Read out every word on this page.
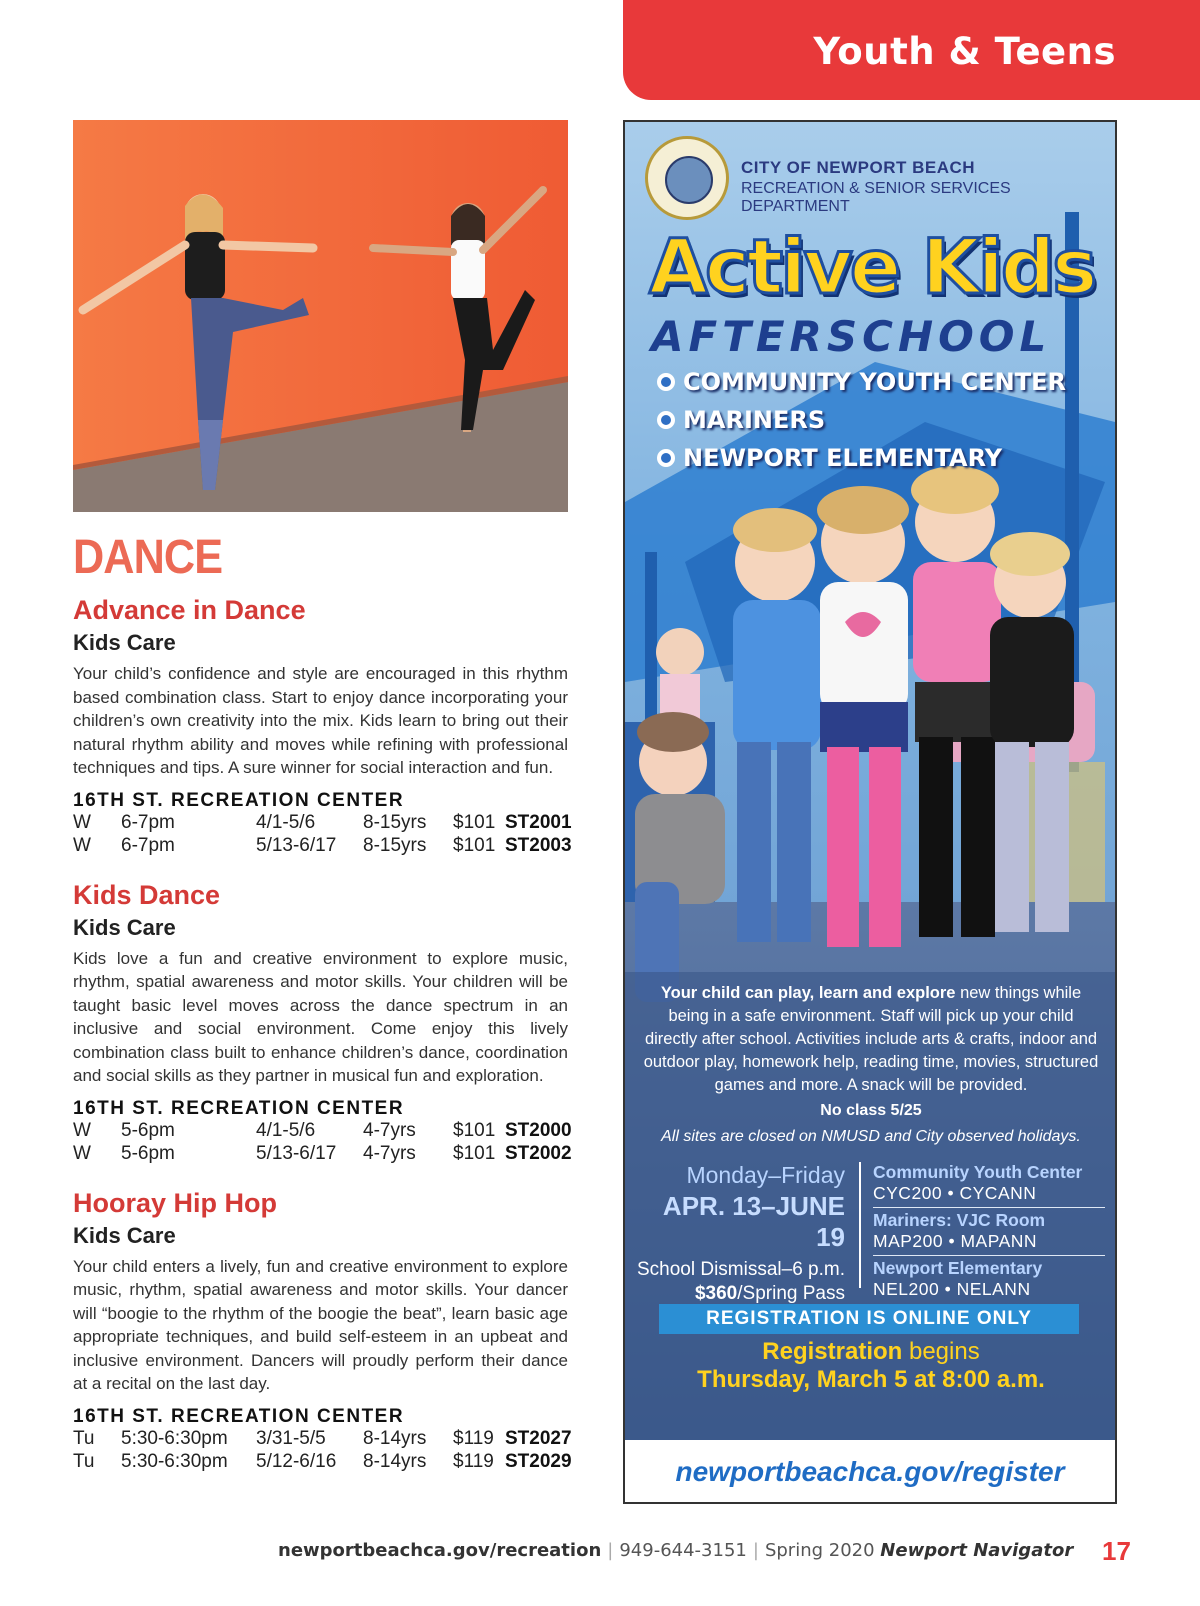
Youth & Teens
DANCE
Advance in Dance
Kids Care
Your child’s confidence and style are encouraged in this rhythm based combination class. Start to enjoy dance incorporating your children’s own creativity into the mix. Kids learn to bring out their natural rhythm ability and moves while refining with professional techniques and tips. A sure winner for social interaction and fun.
16TH ST. RECREATION CENTER
W 6-7pm	4/1-5/6	8-15yrs $101 ST2001
W 6-7pm	5/13-6/17 8-15yrs $101 ST2003
Kids Dance
Kids Care
Kids love a fun and creative environment to explore music, rhythm, spatial awareness and motor skills. Your children will be taught basic level moves across the dance spectrum in an inclusive and social environment. Come enjoy this lively combination class built to enhance children’s dance, coordination and social skills as they partner in musical fun and exploration.
16TH ST. RECREATION CENTER
W 5-6pm	4/1-5/6	4-7yrs $101 ST2000
W 5-6pm	5/13-6/17 4-7yrs $101 ST2002
Hooray Hip Hop
Kids Care
Your child enters a lively, fun and creative environment to explore music, rhythm, spatial awareness and motor skills. Your dancer will “boogie to the rhythm of the boogie the beat”, learn basic age appropriate techniques, and build self-esteem in an upbeat and inclusive environment. Dancers will proudly perform their dance at a recital on the last day.
16TH ST. RECREATION CENTER
Tu 5:30-6:30pm 3/31-5/5 8-14yrs $119 ST2027
Tu 5:30-6:30pm 5/12-6/16 8-14yrs $119 ST2029
CITY OF NEWPORT BEACH
RECREATION & SENIOR SERVICES DEPARTMENT
Active Kids
AFTERSCHOOL
COMMUNITY YOUTH CENTER
MARINERS
NEWPORT ELEMENTARY
Your child can play, learn and explore new things while being in a safe environment. Staff will pick up your child directly after school. Activities include arts & crafts, indoor and outdoor play, homework help, reading time, movies, structured games and more. A snack will be provided.
No class 5/25
All sites are closed on NMUSD and City observed holidays.
Monday–Friday
APR. 13–JUNE 19
School Dismissal–6 p.m.
$360/Spring Pass
Community Youth Center
CYC200 • CYCANN
Mariners: VJC Room
MAP200 • MAPANN
Newport Elementary
NEL200 • NELANN
REGISTRATION IS ONLINE ONLY
Registration begins
Thursday, March 5 at 8:00 a.m.
newportbeachca.gov/register
newportbeachca.gov/recreation | 949-644-3151 | Spring 2020 Newport Navigator 17
